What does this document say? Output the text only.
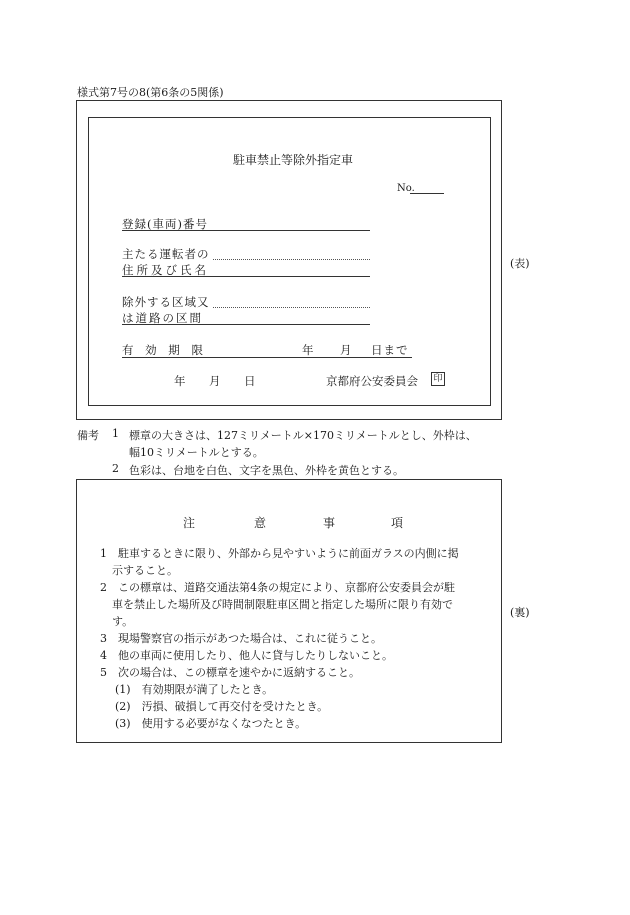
様式第7号の8(第6条の5関係)
駐車禁止等除外指定車
No.
登録(車両)番号
主たる運転者の
住所及び氏名
除外する区域又
は道路の区間
有 効 期 限	年 月 日まで
年 月 日	京都府公安委員会 印
(表)
備考 1 標章の大きさは、127ミリメートル×170ミリメートルとし、外枠は、
幅10ミリメートルとする。
2 色彩は、台地を白色、文字を黒色、外枠を黄色とする。
注	意	事	項
1　駐車するときに限り、外部から見やすいように前面ガラスの内側に掲
示すること。
2　この標章は、道路交通法第4条の規定により、京都府公安委員会が駐
車を禁止した場所及び時間制限駐車区間と指定した場所に限り有効で
す。
3　現場警察官の指示があつた場合は、これに従うこと。
4　他の車両に使用したり、他人に貸与したりしないこと。
5　次の場合は、この標章を速やかに返納すること。
(1)　有効期限が満了したとき。
(2)　汚損、破損して再交付を受けたとき。
(3)　使用する必要がなくなつたとき。
(裏)
